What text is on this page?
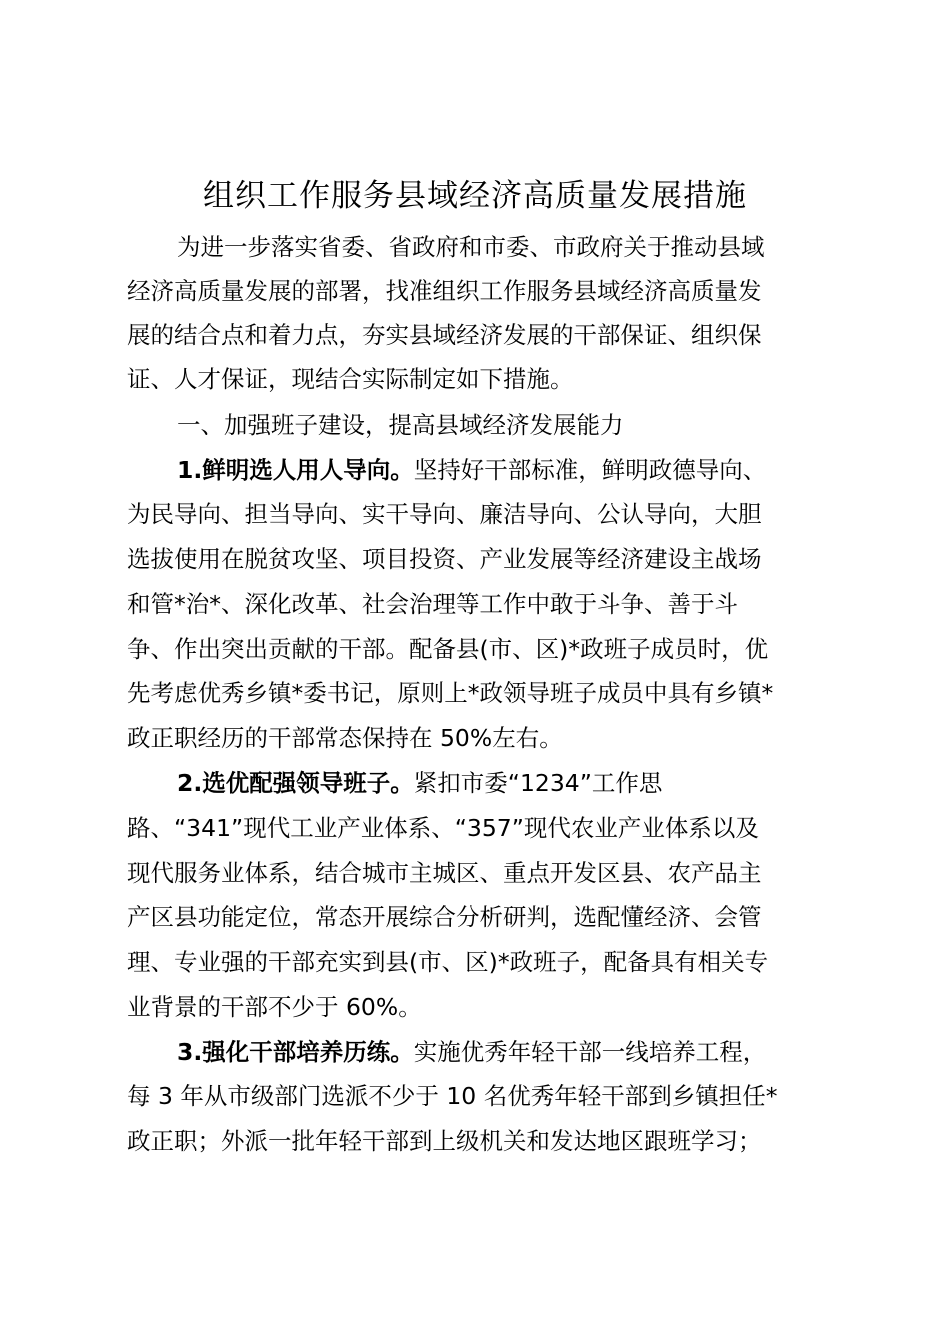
组织工作服务县域经济高质量发展措施
为进一步落实省委、省政府和市委、市政府关于推动县域
经济高质量发展的部署，找准组织工作服务县域经济高质量发
展的结合点和着力点，夯实县域经济发展的干部保证、组织保
证、人才保证，现结合实际制定如下措施。
一、加强班子建设，提高县域经济发展能力
1.鲜明选人用人导向。坚持好干部标准，鲜明政德导向、
为民导向、担当导向、实干导向、廉洁导向、公认导向，大胆
选拔使用在脱贫攻坚、项目投资、产业发展等经济建设主战场
和管*治*、深化改革、社会治理等工作中敢于斗争、善于斗
争、作出突出贡献的干部。配备县(市、区)*政班子成员时，优
先考虑优秀乡镇*委书记，原则上*政领导班子成员中具有乡镇*
政正职经历的干部常态保持在 50%左右。
2.选优配强领导班子。紧扣市委“1234”工作思
路、“341”现代工业产业体系、“357”现代农业产业体系以及
现代服务业体系，结合城市主城区、重点开发区县、农产品主
产区县功能定位，常态开展综合分析研判，选配懂经济、会管
理、专业强的干部充实到县(市、区)*政班子，配备具有相关专
业背景的干部不少于 60%。
3.强化干部培养历练。实施优秀年轻干部一线培养工程，
每 3 年从市级部门选派不少于 10 名优秀年轻干部到乡镇担任*
政正职；外派一批年轻干部到上级机关和发达地区跟班学习；
